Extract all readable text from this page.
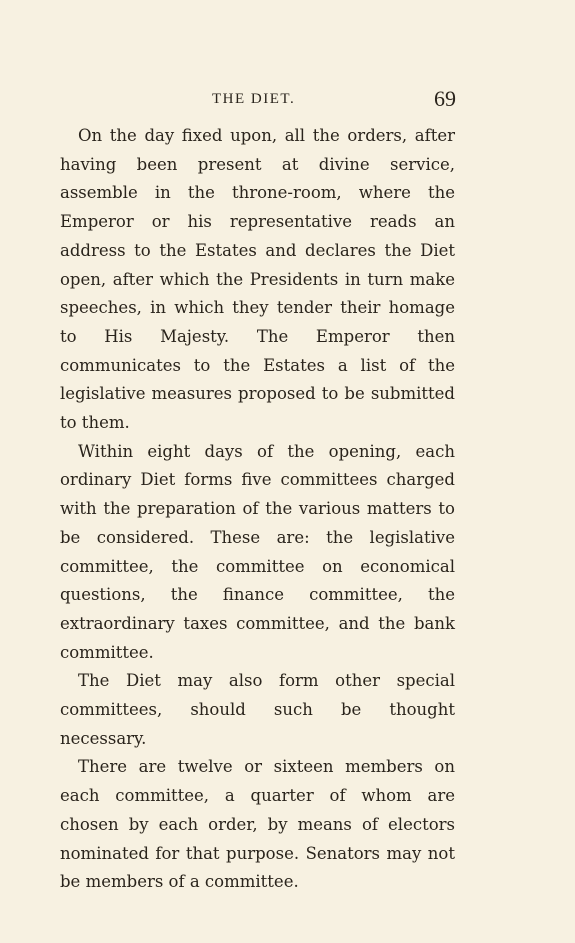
THE DIET.	69

On the day fixed upon, all the orders, after having been present at divine service, assemble in the throne-room, where the Emperor or his representative reads an address to the Estates and declares the Diet open, after which the Presidents in turn make speeches, in which they tender their homage to His Majesty. The Emperor then communicates to the Estates a list of the legislative measures proposed to be submitted to them.

Within eight days of the opening, each ordinary Diet forms five committees charged with the preparation of the various matters to be considered. These are: the legislative committee, the committee on economical questions, the finance committee, the extraordinary taxes committee, and the bank committee.

The Diet may also form other special committees, should such be thought necessary.

There are twelve or sixteen members on each committee, a quarter of whom are chosen by each order, by means of electors nominated for that purpose. Senators may not be members of a committee.
